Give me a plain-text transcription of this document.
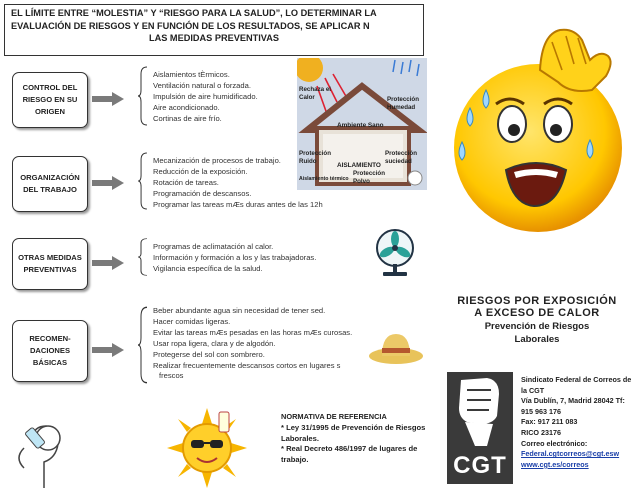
EL LÍMITE ENTRE “MOLESTIA” Y “RIESGO PARA LA SALUD”, LO DETERMINAR LA
EVALUACIÓN DE RIESGOS Y EN FUNCIÓN DE LOS RESULTADOS, SE APLICAR N
LAS MEDIDAS PREVENTIVAS
CONTROL DEL RIESGO EN SU ORIGEN
Aislamientos tÈrmicos.
Ventilación natural o forzada.
Impulsión de aire humidificado.
Aire acondicionado.
Cortinas de aire frío.
ORGANIZACIÓN DEL TRABAJO
Mecanización de procesos de trabajo.
Reducción de la exposición.
Rotación de tareas.
Programación de descansos.
Programar las tareas mÆs duras antes de las 12h
OTRAS MEDIDAS PREVENTIVAS
Programas de aclimatación al calor.
Información y formación a los y las trabajadoras.
Vigilancia específica de la salud.
RECOMEN- DACIONES BÁSICAS
Beber abundante agua sin necesidad de tener sed.
Hacer comidas ligeras.
Evitar las tareas mÆs pesadas en las horas mÆs curosas.
Usar ropa ligera, clara y de algodón.
Protegerse del sol con sombrero.
Realizar frecuentemente descansos cortos en lugares s
frescos
Rechaza el Calor	Protección Humedad
Ambiente Sano
Protección Ruido
Protección suciedad
AISLAMIENTO
Aislamiento térmico
Protección Polvo
NORMATIVA DE REFERENCIA
* Ley 31/1995 de Prevención de Riesgos Laborales.
* Real Decreto 486/1997 de lugares de trabajo.
RIESGOS POR EXPOSICIÓN
A EXCESO DE CALOR
Prevención de Riesgos
Laborales
CGT
Sindicato Federal de Correos de la CGT
Vía Dublín, 7, Madrid 28042 Tf:
915 963 176
Fax: 917 211 083
RICO 23176
Correo electrónico:
Federal.cgtcorreos@cgt.esw
www.cgt.es/correos
